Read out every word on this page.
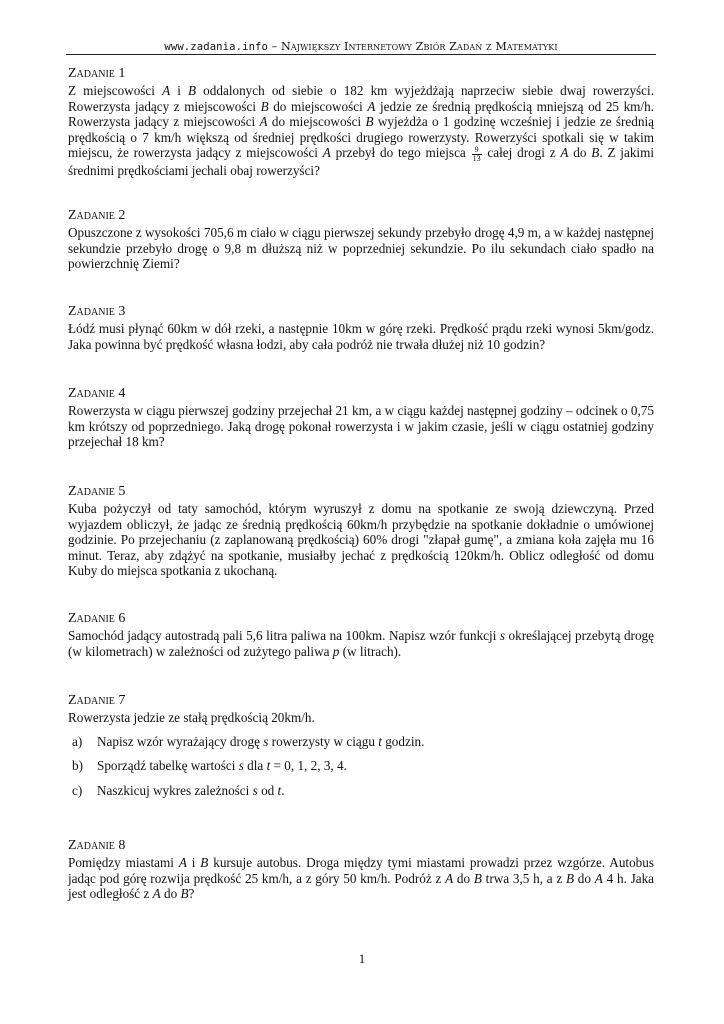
www.zadania.info – Największy Internetowy Zbiór Zadań z Matematyki
Zadanie 1

Z miejscowości A i B oddalonych od siebie o 182 km wyjeżdżają naprzeciw siebie dwaj rowerzyści. Rowerzysta jadący z miejscowości B do miejscowości A jedzie ze średnią prędkością mniejszą od 25 km/h. Rowerzysta jadący z miejscowości A do miejscowości B wyjeżdża o 1 godzinę wcześniej i jedzie ze średnią prędkością o 7 km/h większą od średniej prędkości drugiego rowerzysty. Rowerzyści spotkali się w takim miejscu, że rowerzysta jadący z miejscowości A przebył do tego miejsca $\frac{9}{13}$ całej drogi z A do B. Z jakimi średnimi prędkościami jechali obaj rowerzyści?

Zadanie 2

Opuszczone z wysokości 705,6 m ciało w ciągu pierwszej sekundy przebyło drogę 4,9 m, a w każdej następnej sekundzie przebyło drogę o 9,8 m dłuższą niż w poprzedniej sekundzie. Po ilu sekundach ciało spadło na powierzchnię Ziemi?

Zadanie 3

Łódź musi płynąć 60km w dół rzeki, a następnie 10km w górę rzeki. Prędkość prądu rzeki wynosi 5km/godz. Jaka powinna być prędkość własna łodzi, aby cała podróż nie trwała dłużej niż 10 godzin?

Zadanie 4

Rowerzysta w ciągu pierwszej godziny przejechał 21 km, a w ciągu każdej następnej godziny – odcinek o 0,75 km krótszy od poprzedniego. Jaką drogę pokonał rowerzysta i w jakim czasie, jeśli w ciągu ostatniej godziny przejechał 18 km?

Zadanie 5

Kuba pożyczył od taty samochód, którym wyruszył z domu na spotkanie ze swoją dziewczyną. Przed wyjazdem obliczył, że jadąc ze średnią prędkością 60km/h przybędzie na spotkanie dokładnie o umówionej godzinie. Po przejechaniu (z zaplanowaną prędkością) 60% drogi "złapał gumę", a zmiana koła zajęła mu 16 minut. Teraz, aby zdążyć na spotkanie, musiałby jechać z prędkością 120km/h. Oblicz odległość od domu Kuby do miejsca spotkania z ukochaną.

Zadanie 6

Samochód jadący autostradą pali 5,6 litra paliwa na 100km. Napisz wzór funkcji s określającej przebytą drogę (w kilometrach) w zależności od zużytego paliwa p (w litrach).

Zadanie 7

Rowerzysta jedzie ze stałą prędkością 20km/h.

a) Napisz wzór wyrażający drogę s rowerzysty w ciągu t godzin.
b) Sporządź tabelkę wartości s dla t = 0, 1, 2, 3, 4.
c) Naszkicuj wykres zależności s od t.
Zadanie 8

Pomiędzy miastami A i B kursuje autobus. Droga między tymi miastami prowadzi przez wzgórze. Autobus jadąc pod górę rozwija prędkość 25 km/h, a z góry 50 km/h. Podróż z A do B trwa 3,5 h, a z B do A 4 h. Jaka jest odległość z A do B?

1
